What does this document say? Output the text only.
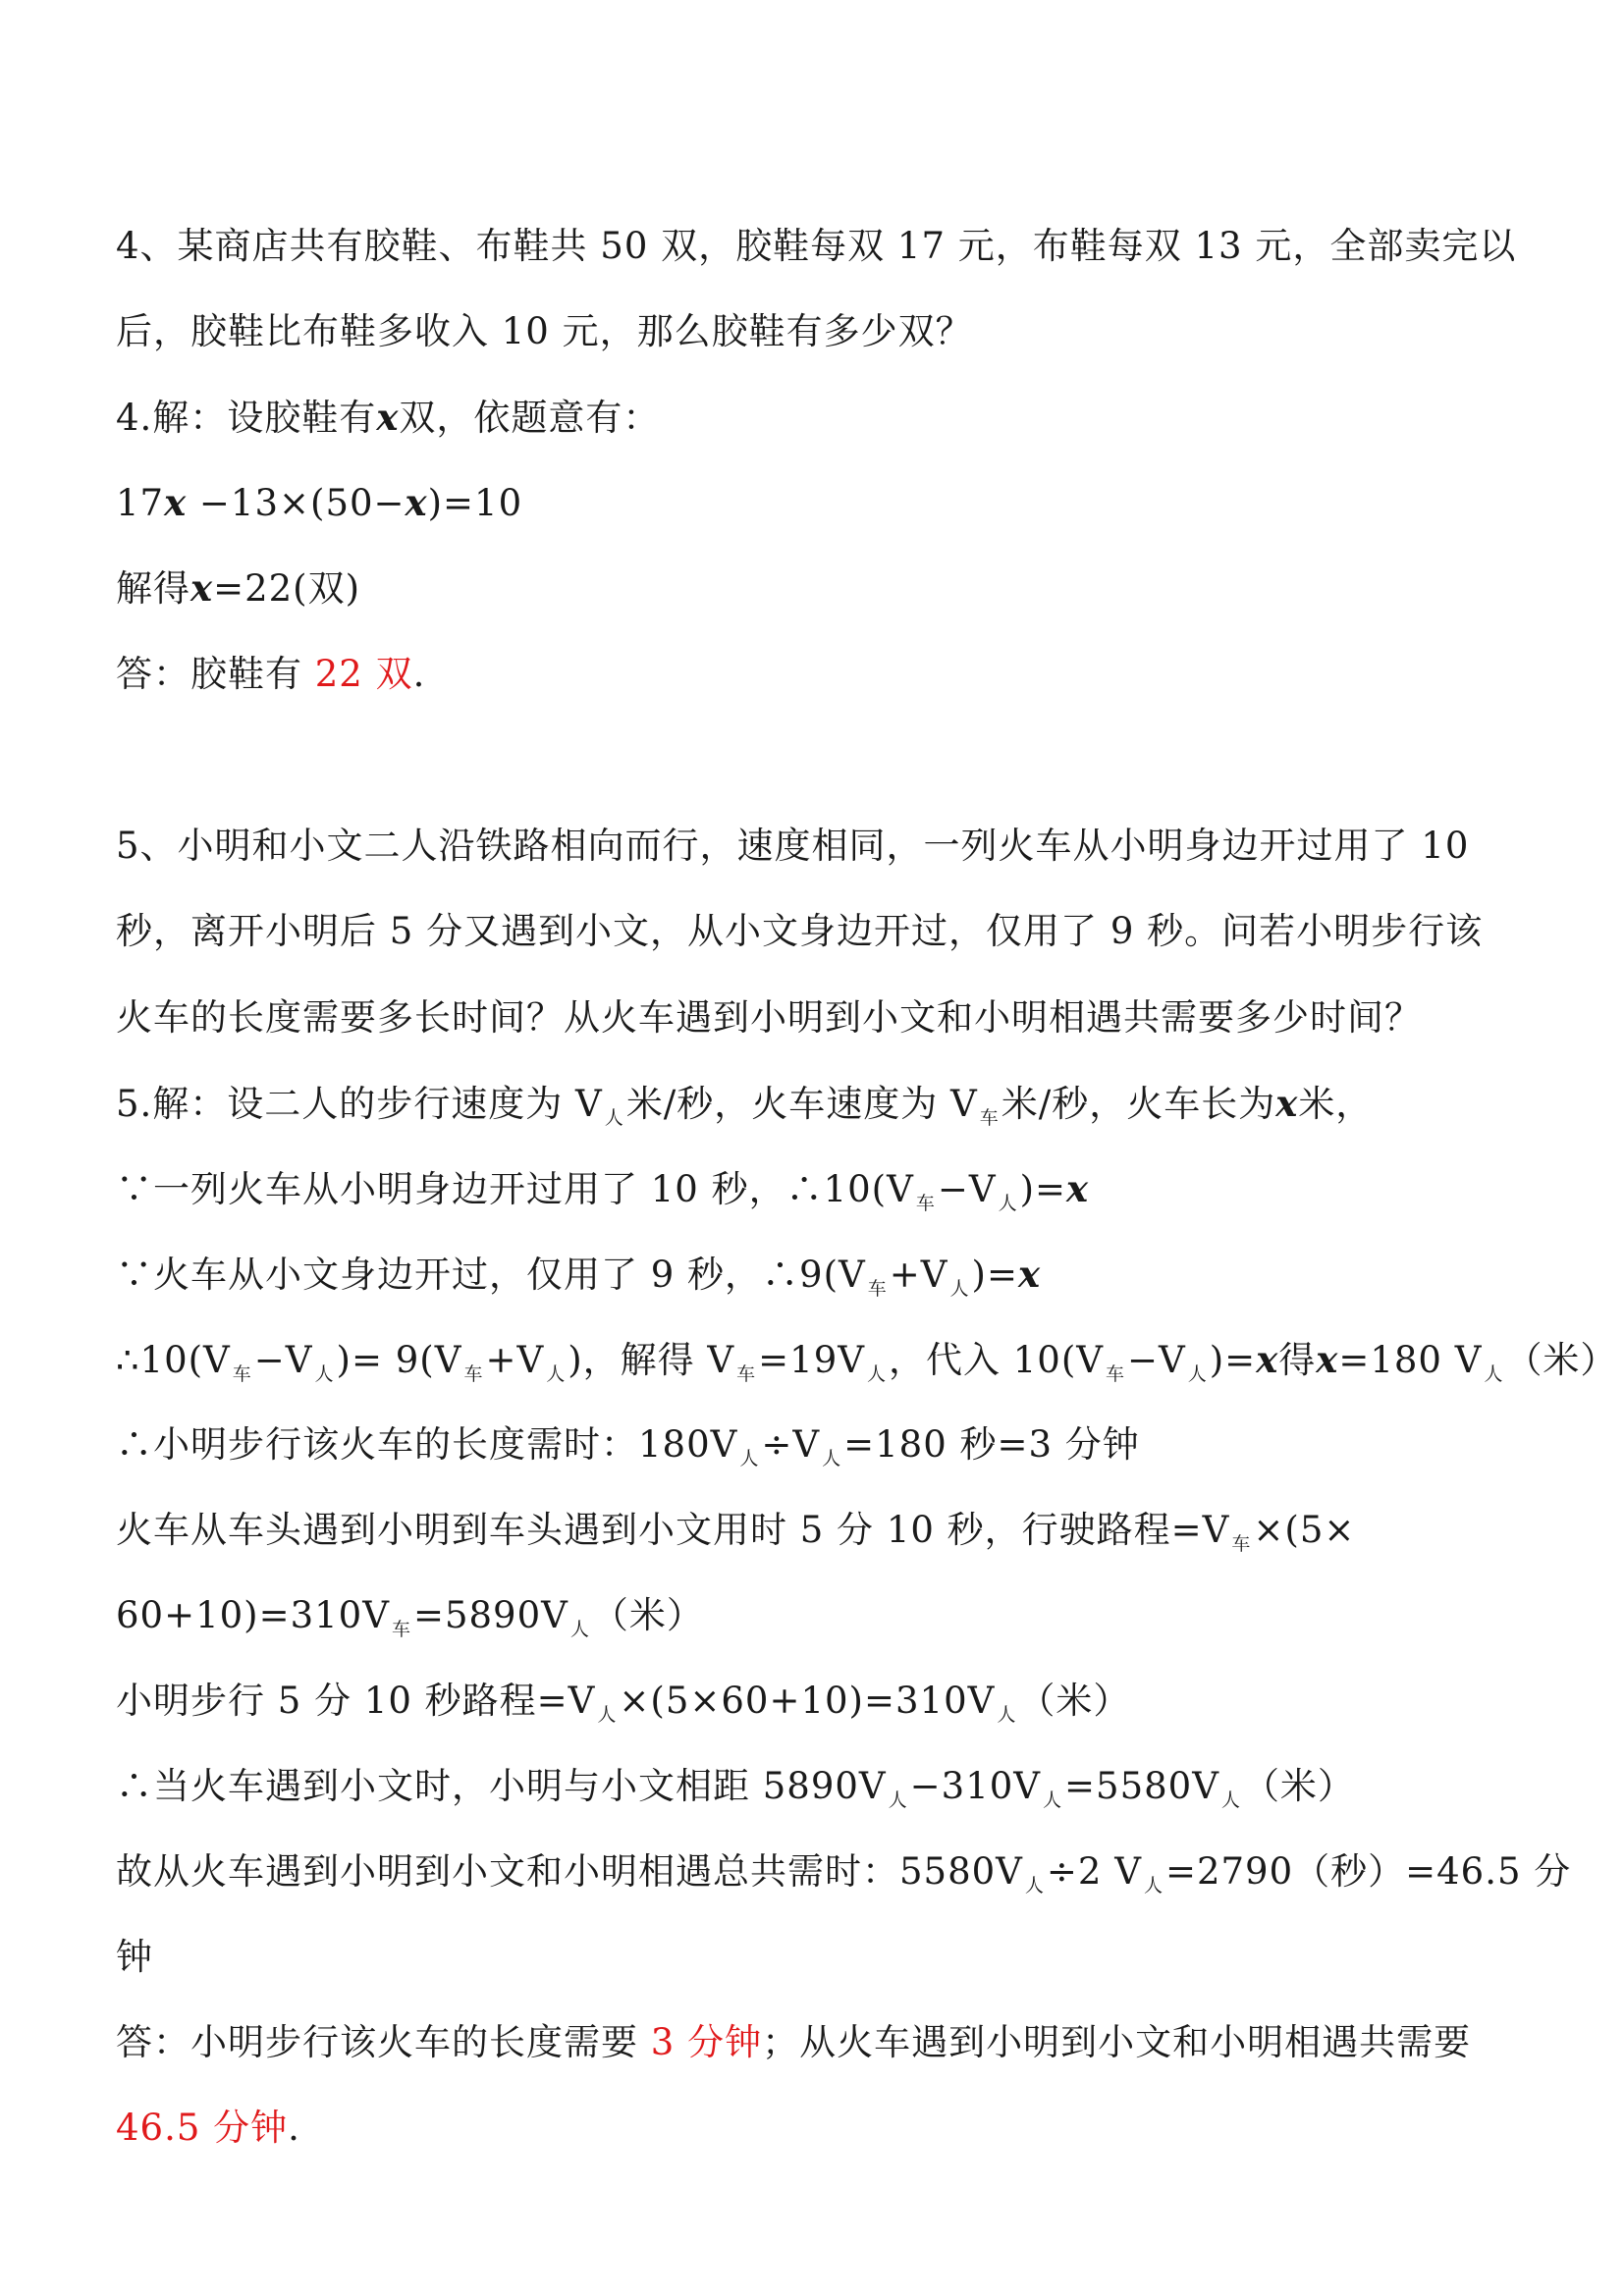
4、某商店共有胶鞋、布鞋共 50 双，胶鞋每双 17 元，布鞋每双 13 元，全部卖完以
后，胶鞋比布鞋多收入 10 元，那么胶鞋有多少双？
4.解：设胶鞋有x双，依题意有：
17x −13×(50−x)=10
解得x=22(双)
答：胶鞋有 22 双.
5、小明和小文二人沿铁路相向而行，速度相同，一列火车从小明身边开过用了 10
秒，离开小明后 5 分又遇到小文，从小文身边开过，仅用了 9 秒。问若小明步行该
火车的长度需要多长时间？从火车遇到小明到小文和小明相遇共需要多少时间？
5.解：设二人的步行速度为 V $_人$米/秒，火车速度为 V $_车$米/秒，火车长为x米，
∵一列火车从小明身边开过用了 10 秒，∴10(V $_车$−V $_人$)=x
∵火车从小文身边开过，仅用了 9 秒，∴9(V $_车$+V $_人$)=x
∴10(V $_车$−V $_人$)= 9(V $_车$+V $_人$)，解得 V $_车$=19V $_人$，代入 10(V $_车$−V $_人$)=x得x=180 V $_人$（米）
∴小明步行该火车的长度需时：180V $_人$÷V $_人$=180 秒=3 分钟
火车从车头遇到小明到车头遇到小文用时 5 分 10 秒，行驶路程=V $_车$×(5×
60+10)=310V $_车$=5890V $_人$（米）
小明步行 5 分 10 秒路程=V $_人$×(5×60+10)=310V $_人$（米）
∴当火车遇到小文时，小明与小文相距 5890V $_人$−310V $_人$=5580V $_人$（米）
故从火车遇到小明到小文和小明相遇总共需时：5580V $_人$÷2 V $_人$=2790（秒）=46.5 分
钟
答：小明步行该火车的长度需要 3 分钟；从火车遇到小明到小文和小明相遇共需要
46.5 分钟.
